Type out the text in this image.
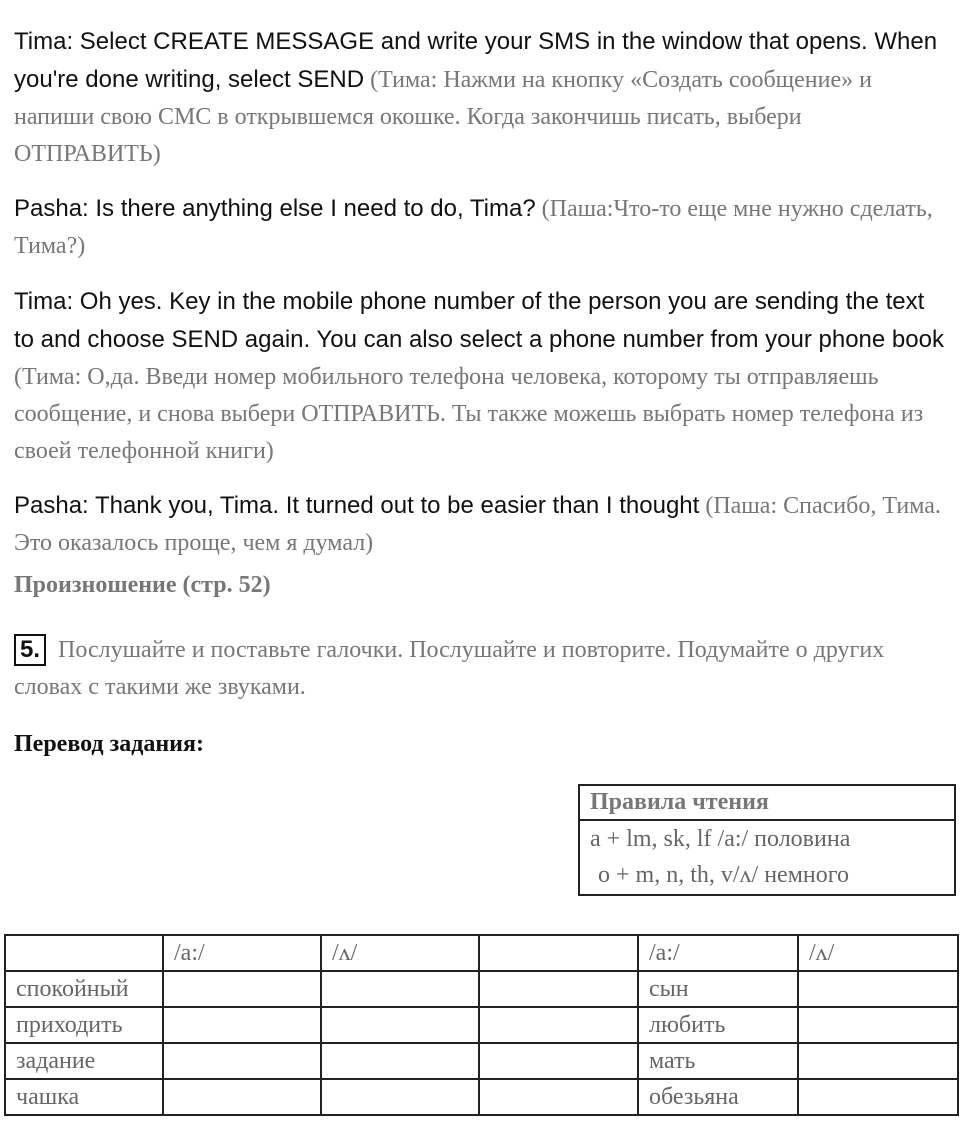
Tima: Select CREATE MESSAGE and write your SMS in the window that opens. When you're done writing, select SEND (Тима: Нажми на кнопку «Создать сообщение» и напиши свою СМС в открывшемся окошке. Когда закончишь писать, выбери ОТПРАВИТЬ)
Pasha: Is there anything else I need to do, Tima? (Паша:Что-то еще мне нужно сделать, Тима?)
Tima: Oh yes. Key in the mobile phone number of the person you are sending the text to and choose SEND again. You can also select a phone number from your phone book (Тима: О,да. Введи номер мобильного телефона человека, которому ты отправляешь сообщение, и снова выбери ОТПРАВИТЬ. Ты также можешь выбрать номер телефона из своей телефонной книги)
Pasha: Thank you, Tima. It turned out to be easier than I thought (Паша: Спасибо, Тима. Это оказалось проще, чем я думал)
Произношение (стр. 52)
5. Послушайте и поставьте галочки. Послушайте и повторите. Подумайте о других словах с такими же звуками.
Перевод задания:
Правила чтения
a + lm, sk, lf /a:/ половина
o + m, n, th, v/ʌ/ немного
	/a:/	/ʌ/		/a:/	/ʌ/
спокойный				сын	
приходить				любить	
задание				мать	
чашка				обезьяна	
